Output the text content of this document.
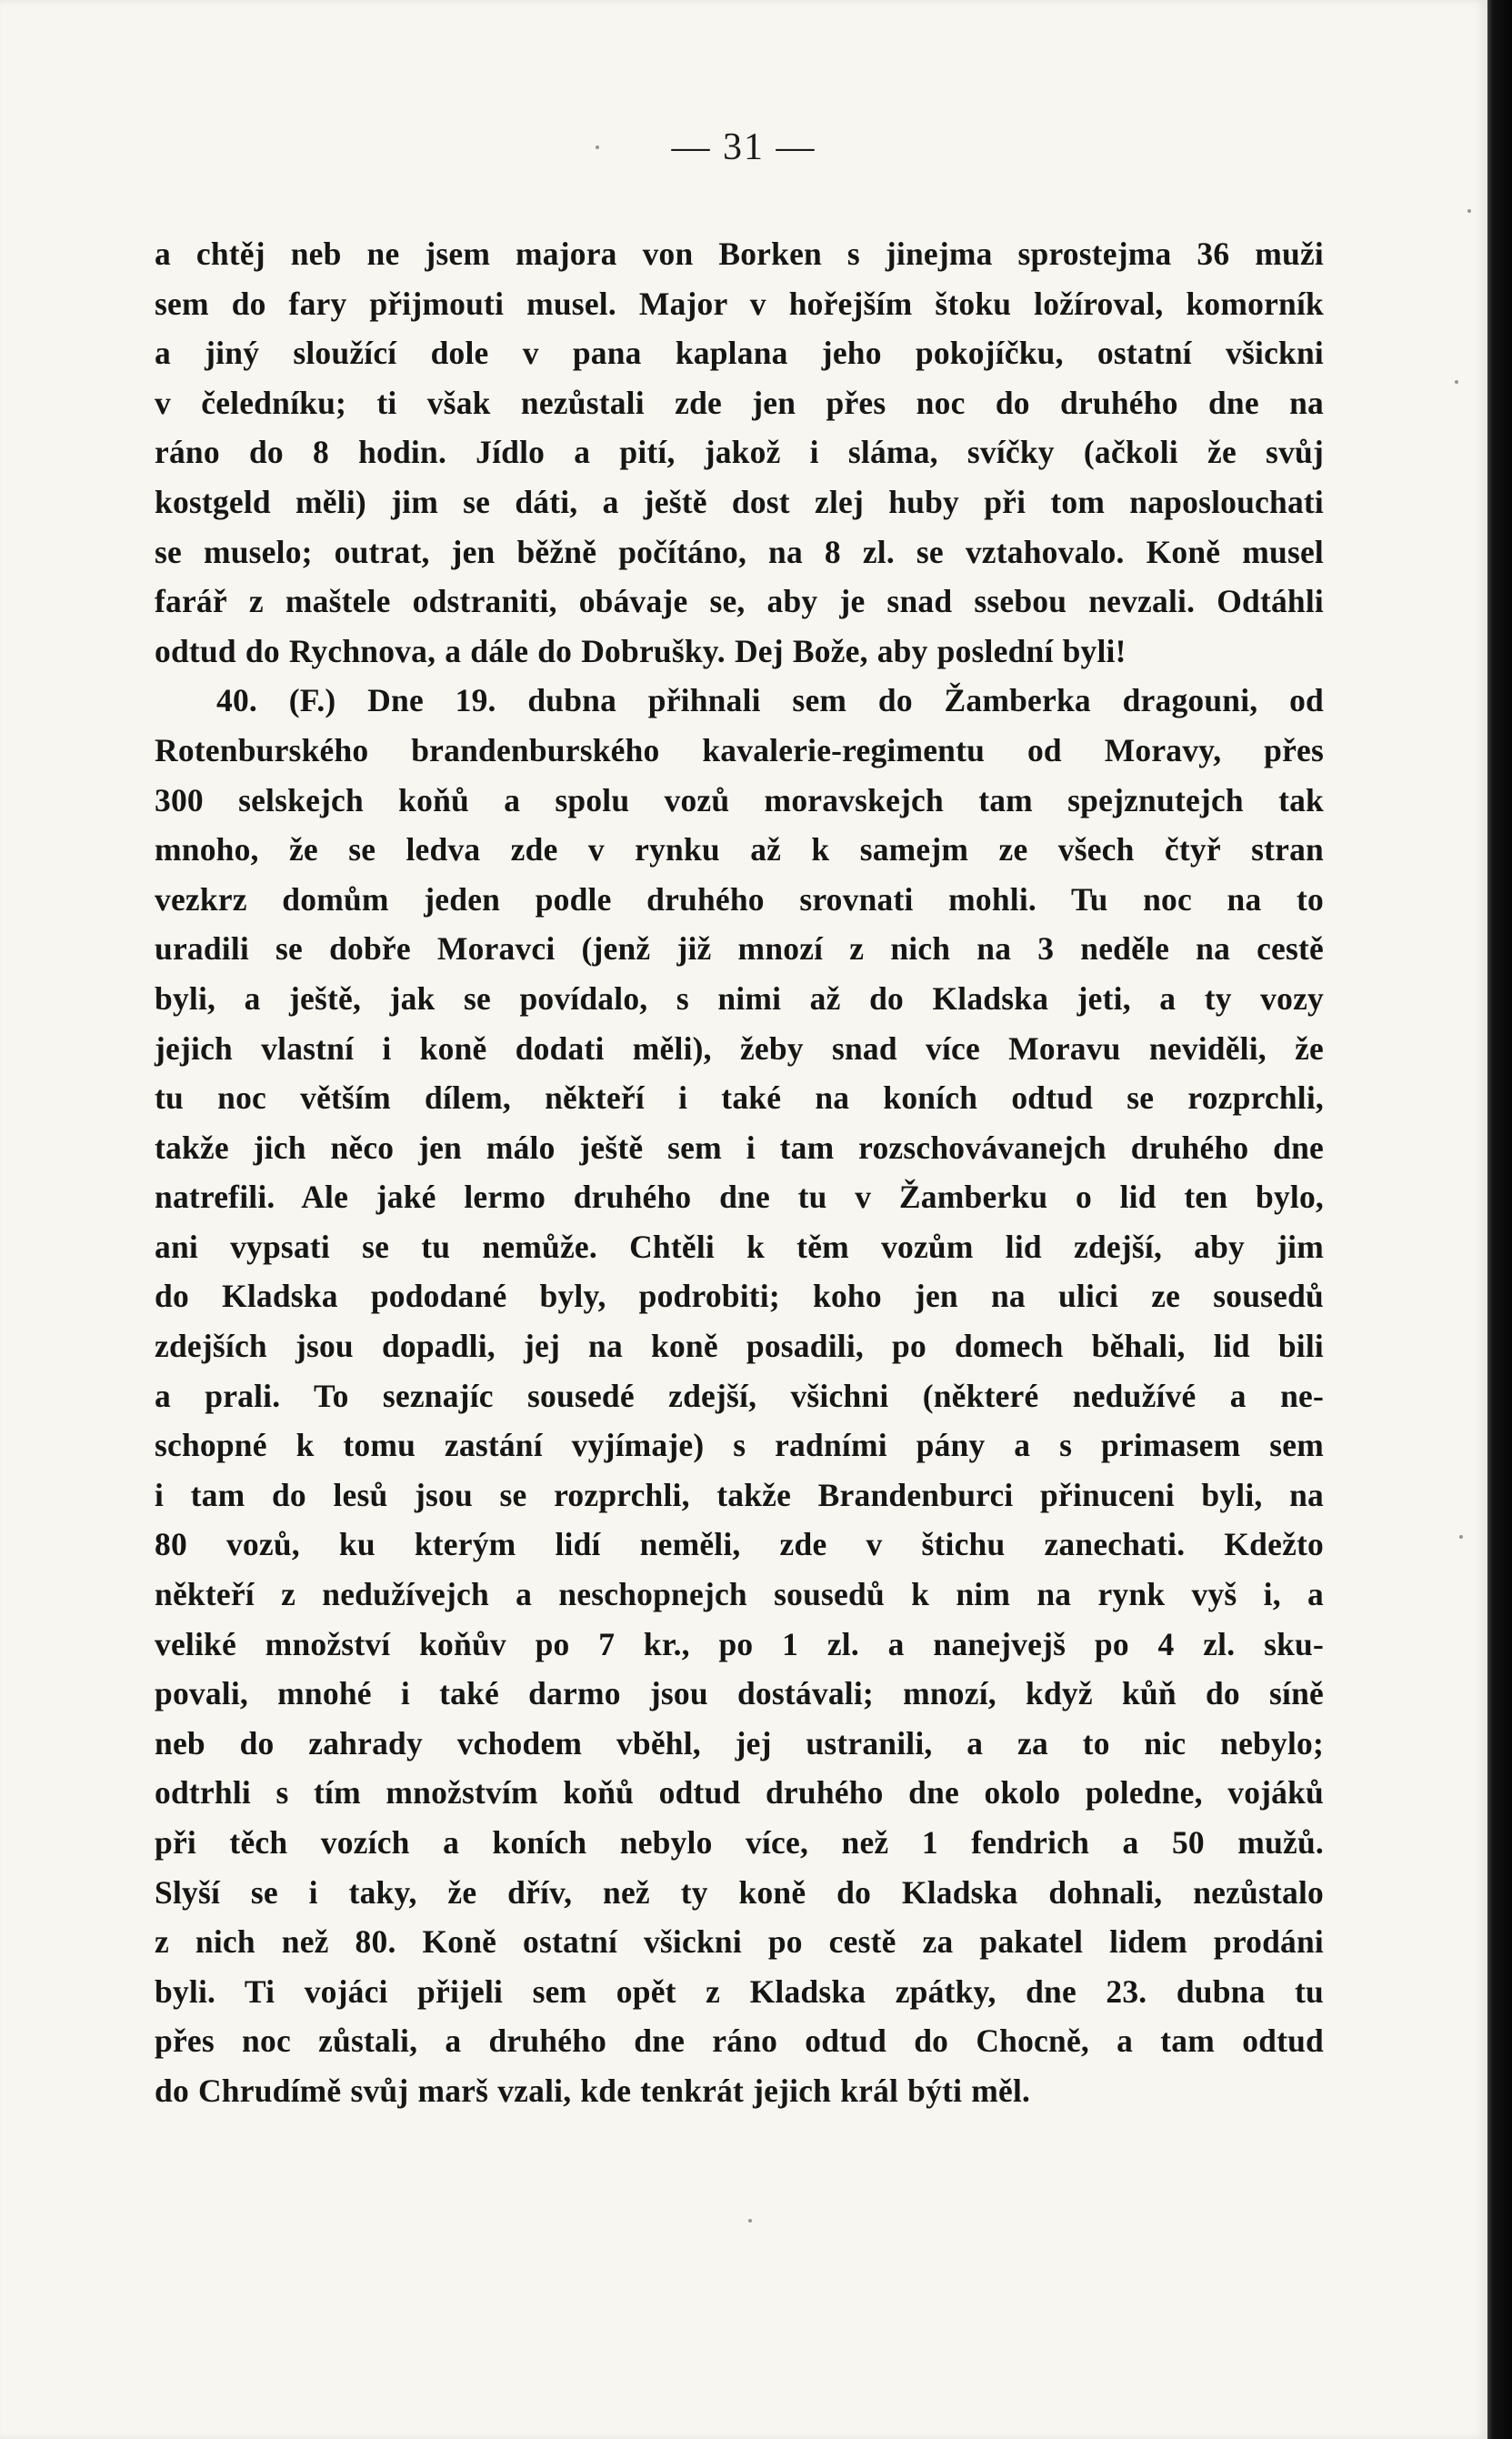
— 31 —
a chtěj neb ne jsem majora von Borken s jinejma sprostejma 36 muži
sem do fary přijmouti musel. Major v hořejším štoku ložíroval, komorník
a jiný sloužící dole v pana kaplana jeho pokojíčku, ostatní všickni
v čeledníku; ti však nezůstali zde jen přes noc do druhého dne na
ráno do 8 hodin. Jídlo a pití, jakož i sláma, svíčky (ačkoli že svůj
kostgeld měli) jim se dáti, a ještě dost zlej huby při tom naposlouchati
se muselo; outrat, jen běžně počítáno, na 8 zl. se vztahovalo. Koně musel
farář z maštele odstraniti, obávaje se, aby je snad ssebou nevzali. Odtáhli
odtud do Rychnova, a dále do Dobrušky. Dej Bože, aby poslední byli!
40. (F.) Dne 19. dubna přihnali sem do Žamberka dragouni, od
Rotenburského brandenburského kavalerie-regimentu od Moravy, přes
300 selskejch koňů a spolu vozů moravskejch tam spejznutejch tak
mnoho, že se ledva zde v rynku až k samejm ze všech čtyř stran
vezkrz domům jeden podle druhého srovnati mohli. Tu noc na to
uradili se dobře Moravci (jenž již mnozí z nich na 3 neděle na cestě
byli, a ještě, jak se povídalo, s nimi až do Kladska jeti, a ty vozy
jejich vlastní i koně dodati měli), žeby snad více Moravu neviděli, že
tu noc větším dílem, někteří i také na koních odtud se rozprchli,
takže jich něco jen málo ještě sem i tam rozschovávanejch druhého dne
natrefili. Ale jaké lermo druhého dne tu v Žamberku o lid ten bylo,
ani vypsati se tu nemůže. Chtěli k těm vozům lid zdejší, aby jim
do Kladska pododané byly, podrobiti; koho jen na ulici ze sousedů
zdejších jsou dopadli, jej na koně posadili, po domech běhali, lid bili
a prali. To seznajíc sousedé zdejší, všichni (některé nedužívé a ne-
schopné k tomu zastání vyjímaje) s radními pány a s primasem sem
i tam do lesů jsou se rozprchli, takže Brandenburci přinuceni byli, na
80 vozů, ku kterým lidí neměli, zde v štichu zanechati. Kdežto
někteří z nedužívejch a neschopnejch sousedů k nim na rynk vyš i, a
veliké množství koňův po 7 kr., po 1 zl. a nanejvejš po 4 zl. sku-
povali, mnohé i také darmo jsou dostávali; mnozí, když kůň do síně
neb do zahrady vchodem vběhl, jej ustranili, a za to nic nebylo;
odtrhli s tím množstvím koňů odtud druhého dne okolo poledne, vojáků
při těch vozích a koních nebylo více, než 1 fendrich a 50 mužů.
Slyší se i taky, že dřív, než ty koně do Kladska dohnali, nezůstalo
z nich než 80. Koně ostatní všickni po cestě za pakatel lidem prodáni
byli. Ti vojáci přijeli sem opět z Kladska zpátky, dne 23. dubna tu
přes noc zůstali, a druhého dne ráno odtud do Chocně, a tam odtud
do Chrudímě svůj marš vzali, kde tenkrát jejich král býti měl.
